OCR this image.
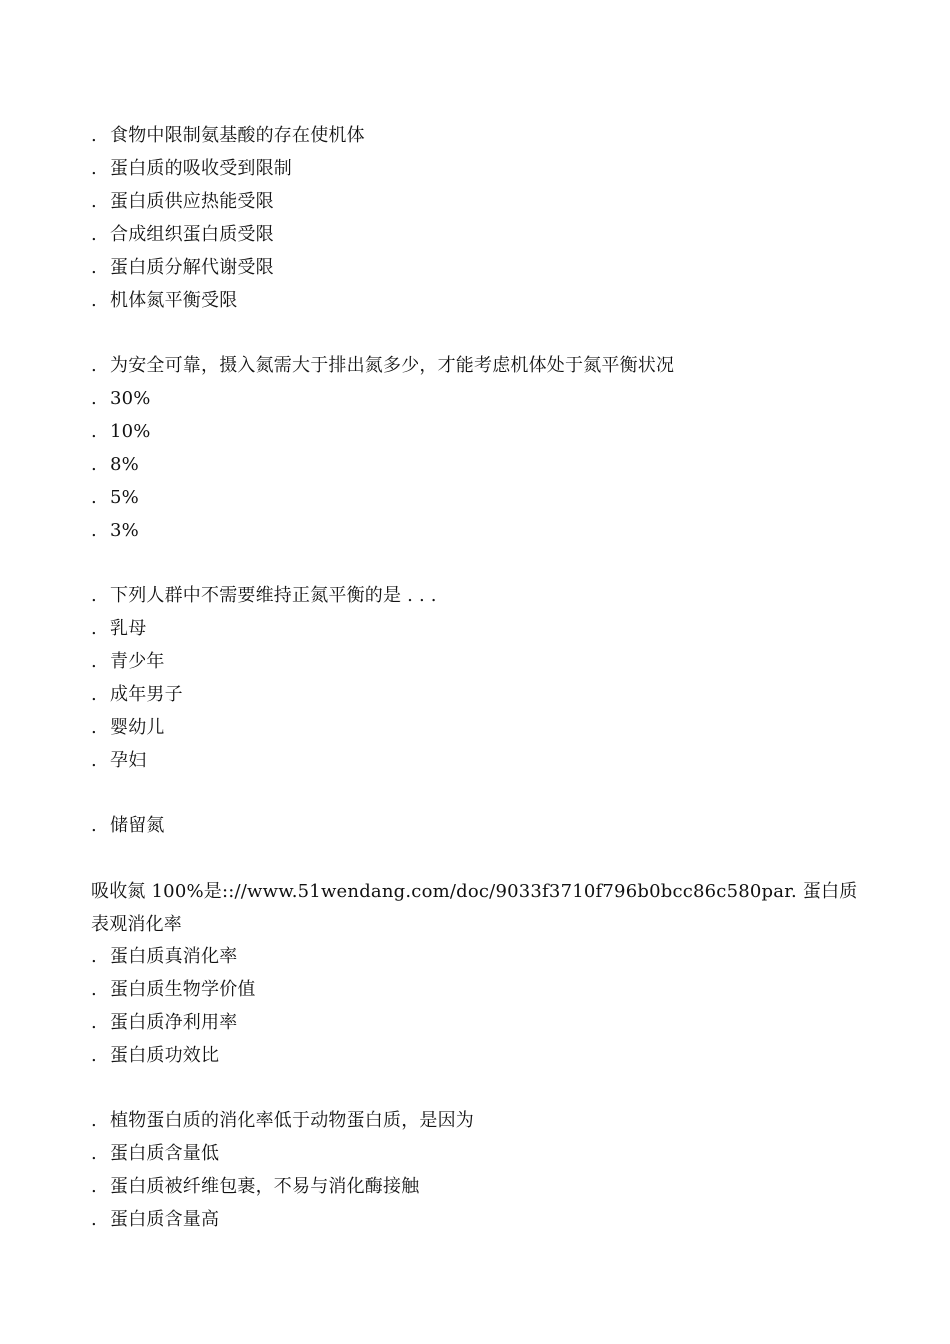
. 食物中限制氨基酸的存在使机体
. 蛋白质的吸收受到限制
. 蛋白质供应热能受限
. 合成组织蛋白质受限
. 蛋白质分解代谢受限
. 机体氮平衡受限
. 为安全可靠，摄入氮需大于排出氮多少，才能考虑机体处于氮平衡状况
. 30%
. 10%
. 8%
. 5%
. 3%
. 下列人群中不需要维持正氮平衡的是 . . .
. 乳母
. 青少年
. 成年男子
. 婴幼儿
. 孕妇
. 储留氮
吸收氮 100%是:://www.51wendang.com/doc/9033f3710f796b0bcc86c580par. 蛋白质表观消化率
. 蛋白质真消化率
. 蛋白质生物学价值
. 蛋白质净利用率
. 蛋白质功效比
. 植物蛋白质的消化率低于动物蛋白质，是因为
. 蛋白质含量低
. 蛋白质被纤维包裹，不易与消化酶接触
. 蛋白质含量高
